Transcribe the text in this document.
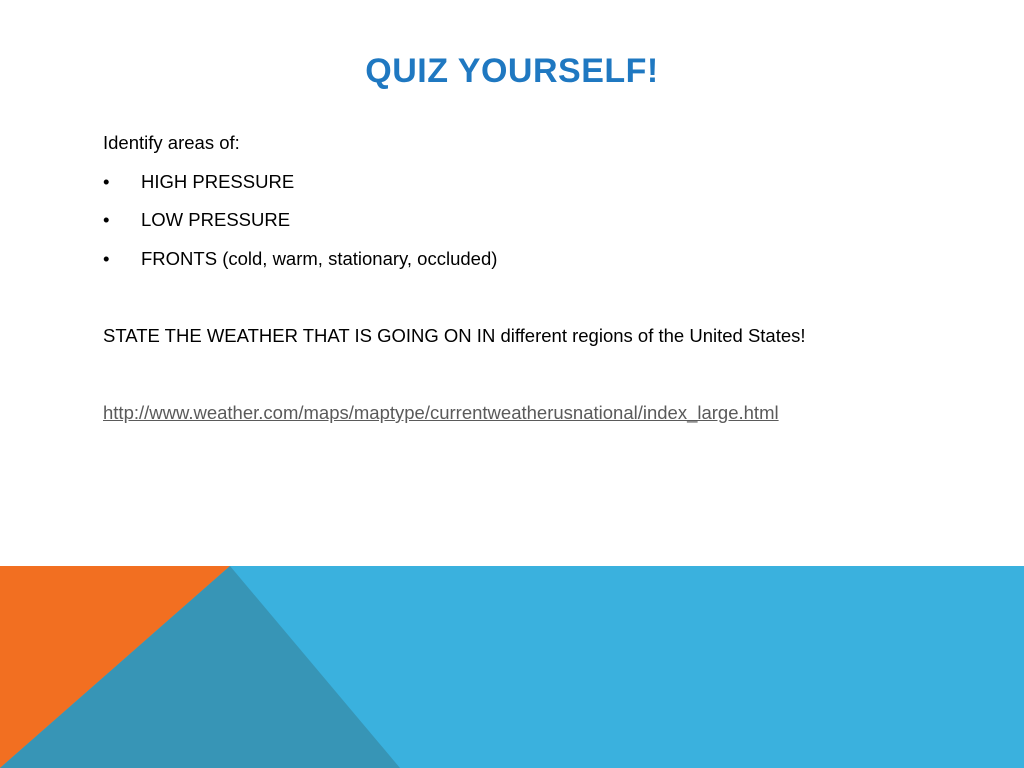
QUIZ YOURSELF!
Identify areas of:
• HIGH PRESSURE
• LOW PRESSURE
• FRONTS (cold, warm, stationary, occluded)
STATE THE WEATHER THAT IS GOING ON IN different regions of the United States!
http://www.weather.com/maps/maptype/currentweatherusnational/index_large.html
